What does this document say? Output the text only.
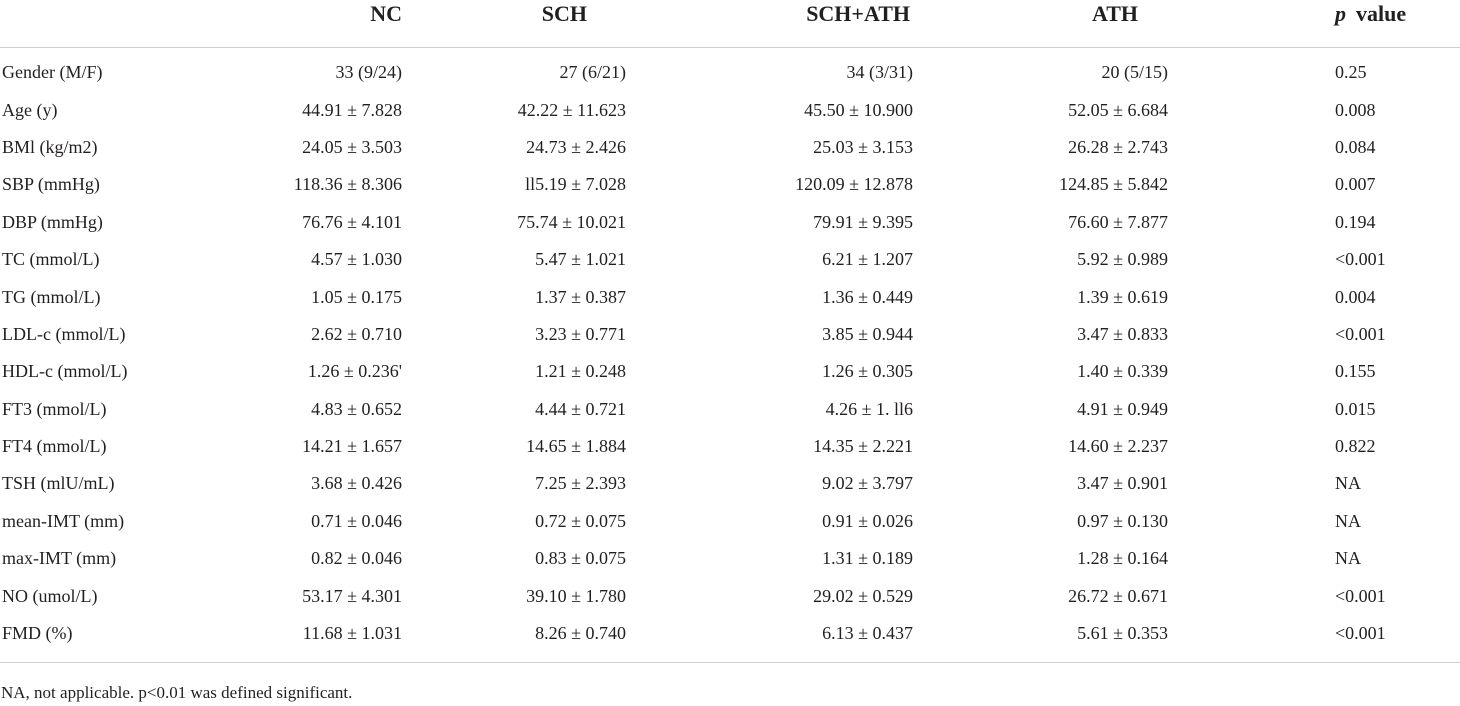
	NC	SCH	SCH+ATH	ATH	p value
Gender (M/F)	33 (9/24)	27 (6/21)	34 (3/31)	20 (5/15)	0.25
Age (y)	44.91 ± 7.828	42.22 ± 11.623	45.50 ± 10.900	52.05 ± 6.684	0.008
BMl (kg/m2)	24.05 ± 3.503	24.73 ± 2.426	25.03 ± 3.153	26.28 ± 2.743	0.084
SBP (mmHg)	118.36 ± 8.306	ll5.19 ± 7.028	120.09 ± 12.878	124.85 ± 5.842	0.007
DBP (mmHg)	76.76 ± 4.101	75.74 ± 10.021	79.91 ± 9.395	76.60 ± 7.877	0.194
TC (mmol/L)	4.57 ± 1.030	5.47 ± 1.021	6.21 ± 1.207	5.92 ± 0.989	<0.001
TG (mmol/L)	1.05 ± 0.175	1.37 ± 0.387	1.36 ± 0.449	1.39 ± 0.619	0.004
LDL-c (mmol/L)	2.62 ± 0.710	3.23 ± 0.771	3.85 ± 0.944	3.47 ± 0.833	<0.001
HDL-c (mmol/L)	1.26 ± 0.236'	1.21 ± 0.248	1.26 ± 0.305	1.40 ± 0.339	0.155
FT3 (mmol/L)	4.83 ± 0.652	4.44 ± 0.721	4.26 ± 1. ll6	4.91 ± 0.949	0.015
FT4 (mmol/L)	14.21 ± 1.657	14.65 ± 1.884	14.35 ± 2.221	14.60 ± 2.237	0.822
TSH (mlU/mL)	3.68 ± 0.426	7.25 ± 2.393	9.02 ± 3.797	3.47 ± 0.901	NA
mean-IMT (mm)	0.71 ± 0.046	0.72 ± 0.075	0.91 ± 0.026	0.97 ± 0.130	NA
max-IMT (mm)	0.82 ± 0.046	0.83 ± 0.075	1.31 ± 0.189	1.28 ± 0.164	NA
NO (umol/L)	53.17 ± 4.301	39.10 ± 1.780	29.02 ± 0.529	26.72 ± 0.671	<0.001
FMD (%)	11.68 ± 1.031	8.26 ± 0.740	6.13 ± 0.437	5.61 ± 0.353	<0.001
NA, not applicable. p<0.01 was defined significant.
